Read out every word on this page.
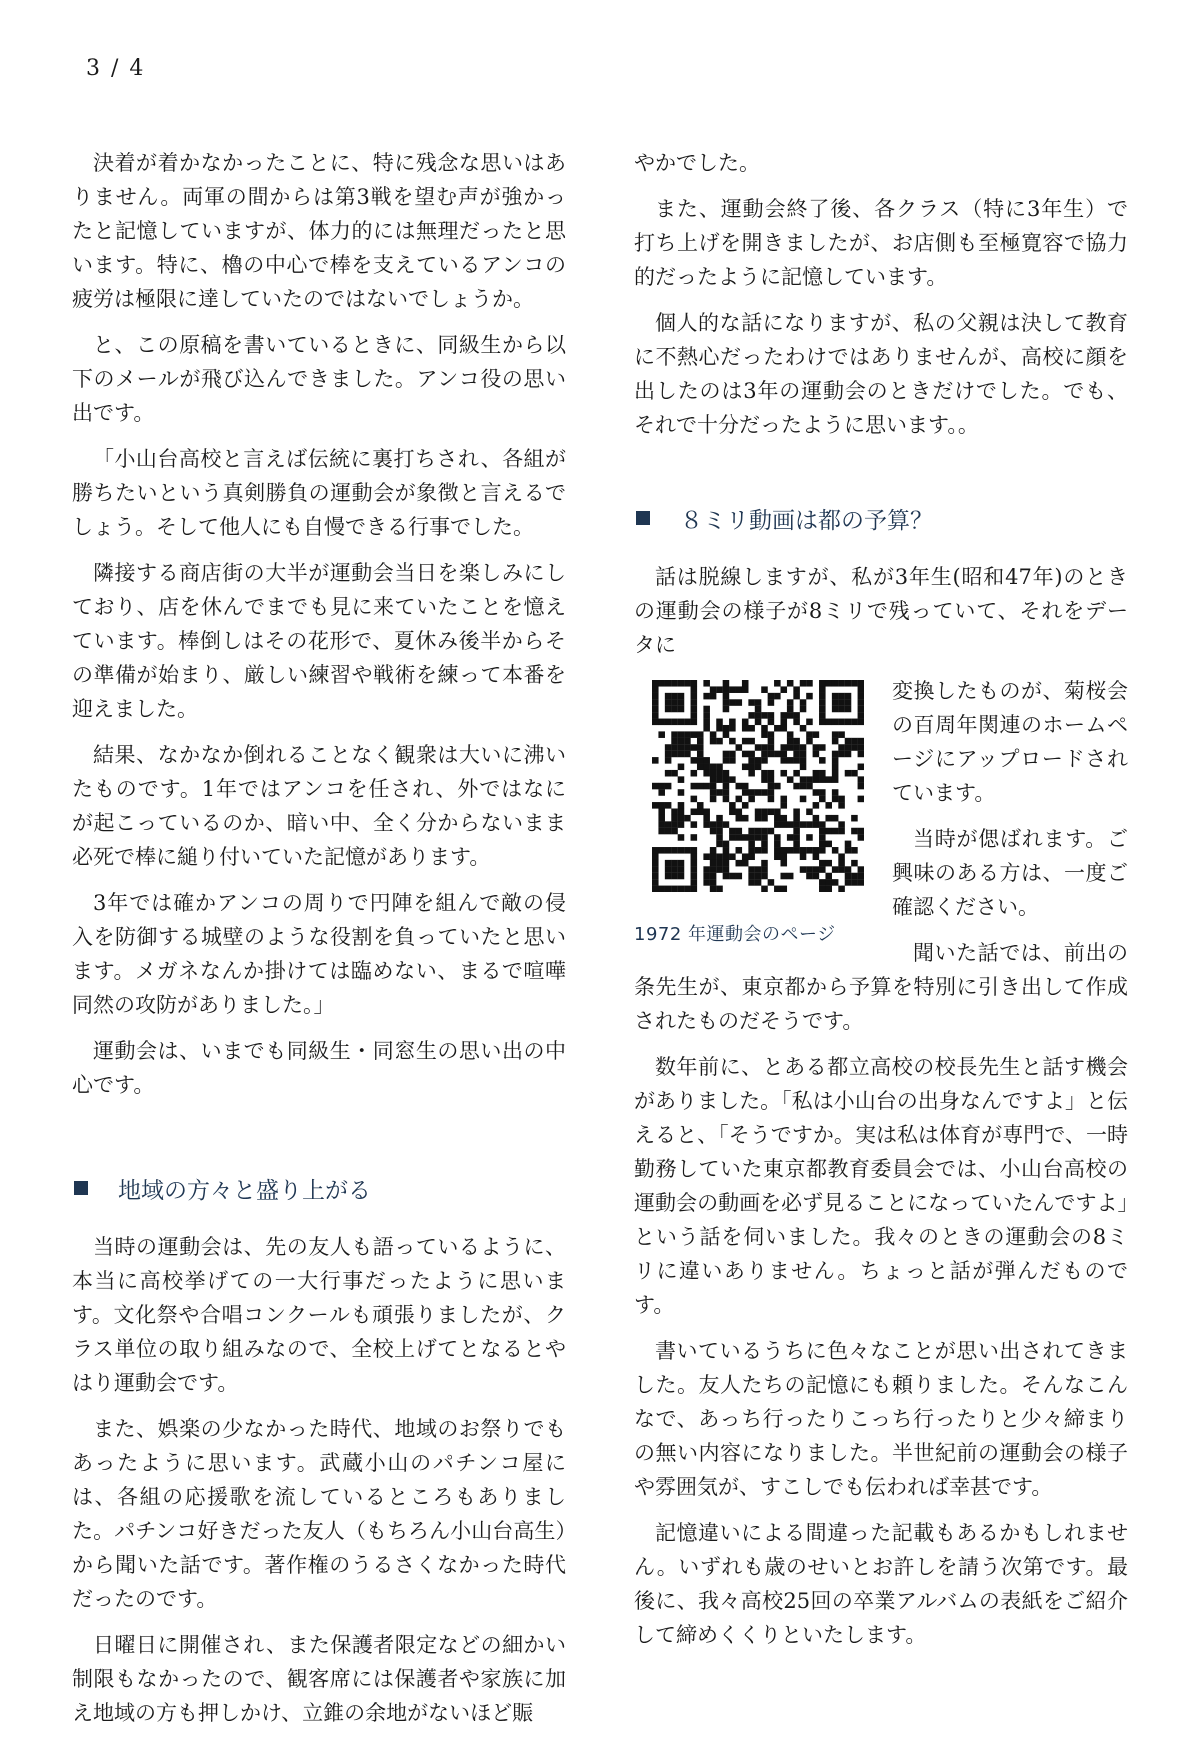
3 / 4

決着が着かなかったことに、特に残念な思いはありません。両軍の間からは第3戦を望む声が強かったと記憶していますが、体力的には無理だったと思います。特に、櫓の中心で棒を支えているアンコの疲労は極限に達していたのではないでしょうか。

と、この原稿を書いているときに、同級生から以下のメールが飛び込んできました。アンコ役の思い出です。

「小山台高校と言えば伝統に裏打ちされ、各組が勝ちたいという真剣勝負の運動会が象徴と言えるでしょう。そして他人にも自慢できる行事でした。

隣接する商店街の大半が運動会当日を楽しみにしており、店を休んでまでも見に来ていたことを憶えています。棒倒しはその花形で、夏休み後半からその準備が始まり、厳しい練習や戦術を練って本番を迎えました。

結果、なかなか倒れることなく観衆は大いに沸いたものです。1年ではアンコを任され、外ではなにが起こっているのか、暗い中、全く分からないまま必死で棒に縋り付いていた記憶があります。

3年では確かアンコの周りで円陣を組んで敵の侵入を防御する城壁のような役割を負っていたと思います。メガネなんか掛けては臨めない、まるで喧嘩同然の攻防がありました。」

運動会は、いまでも同級生・同窓生の思い出の中心です。

地域の方々と盛り上がる

当時の運動会は、先の友人も語っているように、本当に高校挙げての一大行事だったように思います。文化祭や合唱コンクールも頑張りましたが、クラス単位の取り組みなので、全校上げてとなるとやはり運動会です。

また、娯楽の少なかった時代、地域のお祭りでもあったように思います。武蔵小山のパチンコ屋には、各組の応援歌を流しているところもありました。パチンコ好きだった友人（もちろん小山台高生）から聞いた話です。著作権のうるさくなかった時代だったのです。

日曜日に開催され、また保護者限定などの細かい制限もなかったので、観客席には保護者や家族に加え地域の方も押しかけ、立錐の余地がないほど賑

やかでした。

また、運動会終了後、各クラス（特に3年生）で打ち上げを開きましたが、お店側も至極寛容で協力的だったように記憶しています。

個人的な話になりますが、私の父親は決して教育に不熱心だったわけではありませんが、高校に顔を出したのは3年の運動会のときだけでした。でも、それで十分だったように思います。。

８ミリ動画は都の予算？

話は脱線しますが、私が3年生(昭和47年)のときの運動会の様子が8ミリで残っていて、それをデータに

1972 年運動会のページ

変換したものが、菊桜会の百周年関連のホームページにアップロードされています。

当時が偲ばれます。ご興味のある方は、一度ご確認ください。

聞いた話では、前出の条先生が、東京都から予算を特別に引き出して作成されたものだそうです。

数年前に、とある都立高校の校長先生と話す機会がありました。「私は小山台の出身なんですよ」と伝えると、「そうですか。実は私は体育が専門で、一時勤務していた東京都教育委員会では、小山台高校の運動会の動画を必ず見ることになっていたんですよ」という話を伺いました。我々のときの運動会の8ミリに違いありません。ちょっと話が弾んだものです。

書いているうちに色々なことが思い出されてきました。友人たちの記憶にも頼りました。そんなこんなで、あっち行ったりこっち行ったりと少々締まりの無い内容になりました。半世紀前の運動会の様子や雰囲気が、すこしでも伝われば幸甚です。

記憶違いによる間違った記載もあるかもしれません。いずれも歳のせいとお許しを請う次第です。最後に、我々高校25回の卒業アルバムの表紙をご紹介して締めくくりといたします。
